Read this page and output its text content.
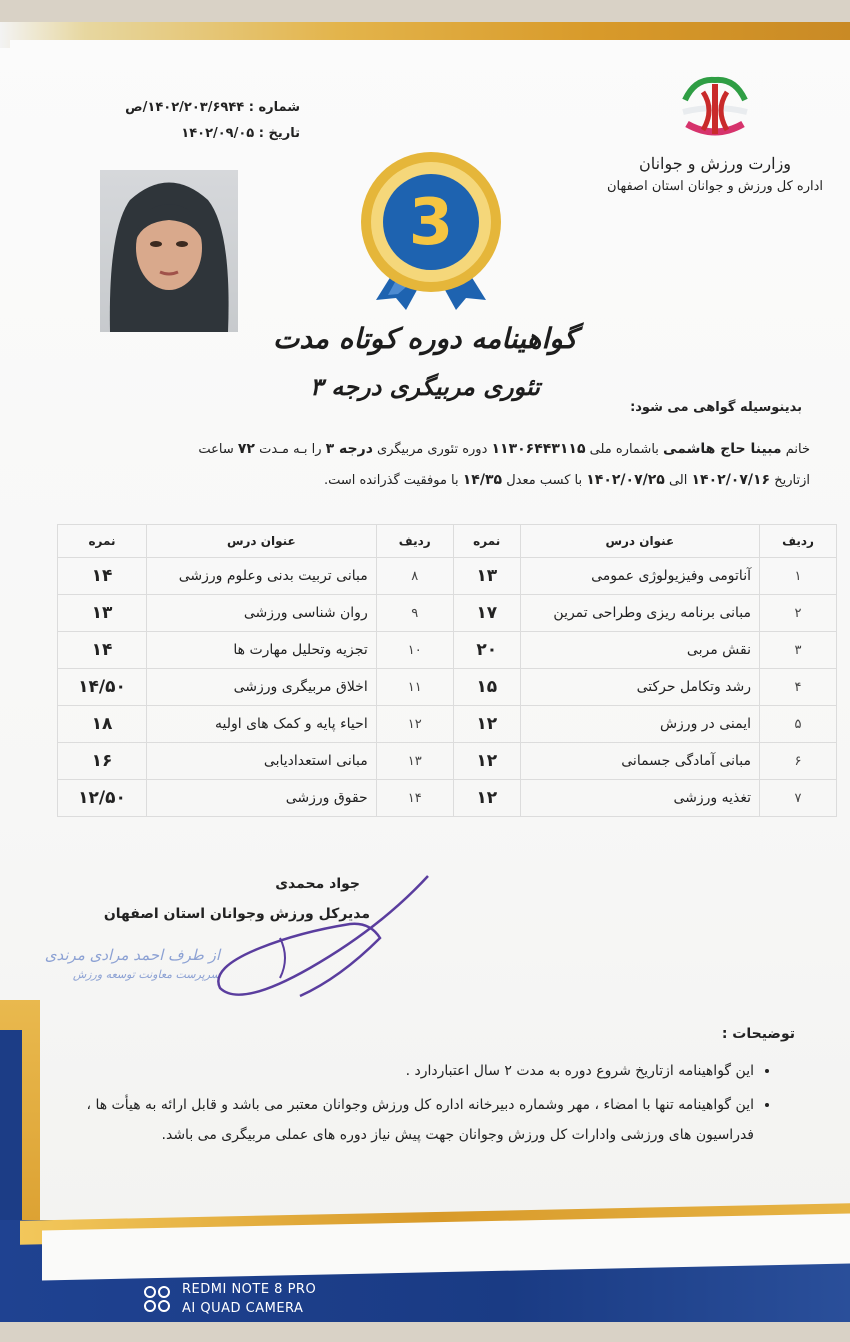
شماره : ۱۴۰۲/۲۰۳/۶۹۴۴/ص
تاریخ : ۱۴۰۲/۰۹/۰۵
وزارت ورزش و جوانان
اداره کل ورزش و جوانان استان اصفهان
3
گواهینامه دوره کوتاه مدت
تئوری مربیگری درجه ۳
بدینوسیله گواهی می شود:
خانم مبینا حاج هاشمی باشماره ملی ۱۱۳۰۶۴۴۳۱۱۵ دوره تئوری مربیگری درجه ۳ را بـه مـدت ۷۲ ساعت
ازتاریخ ۱۴۰۲/۰۷/۱۶ الی ۱۴۰۲/۰۷/۲۵ با کسب معدل ۱۴/۳۵ با موفقیت گذرانده است.
ردیف	عنوان درس	نمره	ردیف	عنوان درس	نمره
۱	آناتومی وفیزیولوژی عمومی	۱۳	۸	مبانی تربیت بدنی وعلوم ورزشی	۱۴
۲	مبانی برنامه ریزی وطراحی تمرین	۱۷	۹	روان شناسی ورزشی	۱۳
۳	نقش مربی	۲۰	۱۰	تجزیه وتحلیل مهارت ها	۱۴
۴	رشد وتکامل حرکتی	۱۵	۱۱	اخلاق مربیگری ورزشی	۱۴/۵۰
۵	ایمنی در ورزش	۱۲	۱۲	احیاء پایه و کمک های اولیه	۱۸
۶	مبانی آمادگی جسمانی	۱۲	۱۳	مبانی استعدادیابی	۱۶
۷	تغذیه ورزشی	۱۲	۱۴	حقوق ورزشی	۱۲/۵۰
جواد محمدی
مدیرکل ورزش وجوانان استان اصفهان
از طرف احمد مرادی مرندی
سرپرست معاونت توسعه ورزش
توضیحات :
• این گواهینامه ازتاریخ شروع دوره به مدت ۲ سال اعتباردارد .
• این گواهینامه تنها با امضاء ، مهر وشماره دبیرخانه اداره کل ورزش وجوانان معتبر می باشد و قابل ارائه به هیأت ها ، فدراسیون های ورزشی وادارات کل ورزش وجوانان جهت پیش نیاز دوره های عملی مربیگری می باشد.
REDMI NOTE 8 PRO
AI QUAD CAMERA
